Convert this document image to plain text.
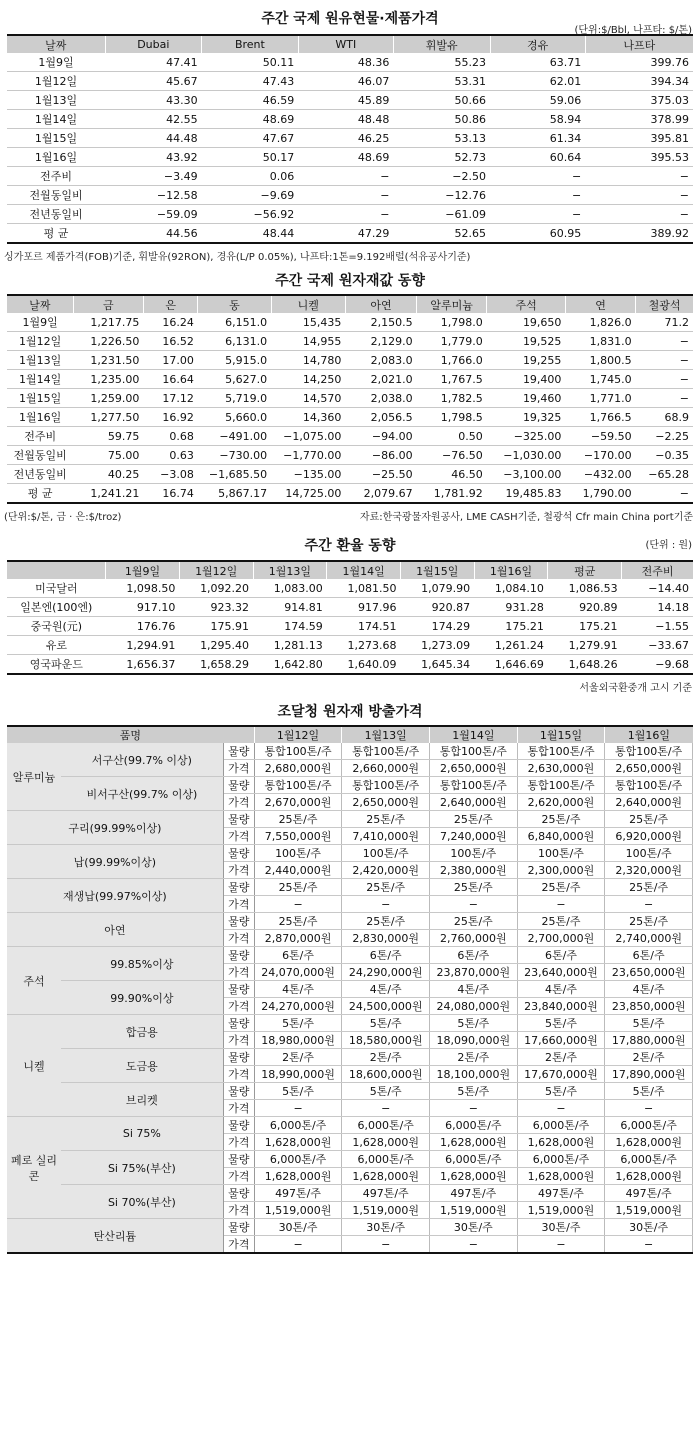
주간 국제 원유현물·제품가격
(단위:$/Bbl, 나프타: $/톤)
날짜	Dubai	Brent	WTI	휘발유	경유	나프타
1월9일	47.41	50.11	48.36	55.23	63.71	399.76
1월12일	45.67	47.43	46.07	53.31	62.01	394.34
1월13일	43.30	46.59	45.89	50.66	59.06	375.03
1월14일	42.55	48.69	48.48	50.86	58.94	378.99
1월15일	44.48	47.67	46.25	53.13	61.34	395.81
1월16일	43.92	50.17	48.69	52.73	60.64	395.53
전주비	−3.49	0.06	−	−2.50	−	−
전월동일비	−12.58	−9.69	−	−12.76	−	−
전년동일비	−59.09	−56.92	−	−61.09	−	−
평 균	44.56	48.44	47.29	52.65	60.95	389.92
싱가포르 제품가격(FOB)기준, 휘발유(92RON), 경유(L/P 0.05%), 나프타:1톤=9.192배럴(석유공사기준)
주간 국제 원자재값 동향
날짜	금	은	동	니켈	아연	알루미늄	주석	연	철광석
1월9일	1,217.75	16.24	6,151.0	15,435	2,150.5	1,798.0	19,650	1,826.0	71.2
1월12일	1,226.50	16.52	6,131.0	14,955	2,129.0	1,779.0	19,525	1,831.0	−
1월13일	1,231.50	17.00	5,915.0	14,780	2,083.0	1,766.0	19,255	1,800.5	−
1월14일	1,235.00	16.64	5,627.0	14,250	2,021.0	1,767.5	19,400	1,745.0	−
1월15일	1,259.00	17.12	5,719.0	14,570	2,038.0	1,782.5	19,460	1,771.0	−
1월16일	1,277.50	16.92	5,660.0	14,360	2,056.5	1,798.5	19,325	1,766.5	68.9
전주비	59.75	0.68	−491.00	−1,075.00	−94.00	0.50	−325.00	−59.50	−2.25
전월동일비	75.00	0.63	−730.00	−1,770.00	−86.00	−76.50	−1,030.00	−170.00	−0.35
전년동일비	40.25	−3.08	−1,685.50	−135.00	−25.50	46.50	−3,100.00	−432.00	−65.28
평 균	1,241.21	16.74	5,867.17	14,725.00	2,079.67	1,781.92	19,485.83	1,790.00	−
(단위:$/톤, 금 · 은:$/troz)	자료:한국광물자원공사, LME CASH기준, 철광석 Cfr main China port기준
주간 환율 동향	(단위 : 원)
	1월9일	1월12일	1월13일	1월14일	1월15일	1월16일	평균	전주비
미국달러	1,098.50	1,092.20	1,083.00	1,081.50	1,079.90	1,084.10	1,086.53	−14.40
일본엔(100엔)	917.10	923.32	914.81	917.96	920.87	931.28	920.89	14.18
중국원(元)	176.76	175.91	174.59	174.51	174.29	175.21	175.21	−1.55
유로	1,294.91	1,295.40	1,281.13	1,273.68	1,273.09	1,261.24	1,279.91	−33.67
영국파운드	1,656.37	1,658.29	1,642.80	1,640.09	1,645.34	1,646.69	1,648.26	−9.68
서울외국환중개 고시 기준
조달청 원자재 방출가격
품명			1월12일	1월13일	1월14일	1월15일	1월16일
알루미늄	서구산(99.7% 이상)	물량	통합100톤/주	통합100톤/주	통합100톤/주	통합100톤/주	통합100톤/주
		가격	2,680,000원	2,660,000원	2,650,000원	2,630,000원	2,650,000원
	비서구산(99.7% 이상)	물량	통합100톤/주	통합100톤/주	통합100톤/주	통합100톤/주	통합100톤/주
		가격	2,670,000원	2,650,000원	2,640,000원	2,620,000원	2,640,000원
구리(99.99%이상)		물량	25톤/주	25톤/주	25톤/주	25톤/주	25톤/주
		가격	7,550,000원	7,410,000원	7,240,000원	6,840,000원	6,920,000원
납(99.99%이상)		물량	100톤/주	100톤/주	100톤/주	100톤/주	100톤/주
		가격	2,440,000원	2,420,000원	2,380,000원	2,300,000원	2,320,000원
재생납(99.97%이상)		물량	25톤/주	25톤/주	25톤/주	25톤/주	25톤/주
		가격	−	−	−	−	−
아연		물량	25톤/주	25톤/주	25톤/주	25톤/주	25톤/주
		가격	2,870,000원	2,830,000원	2,760,000원	2,700,000원	2,740,000원
주석	99.85%이상	물량	6톤/주	6톤/주	6톤/주	6톤/주	6톤/주
		가격	24,070,000원	24,290,000원	23,870,000원	23,640,000원	23,650,000원
	99.90%이상	물량	4톤/주	4톤/주	4톤/주	4톤/주	4톤/주
		가격	24,270,000원	24,500,000원	24,080,000원	23,840,000원	23,850,000원
니켈	합금용	물량	5톤/주	5톤/주	5톤/주	5톤/주	5톤/주
		가격	18,980,000원	18,580,000원	18,090,000원	17,660,000원	17,880,000원
	도금용	물량	2톤/주	2톤/주	2톤/주	2톤/주	2톤/주
		가격	18,990,000원	18,600,000원	18,100,000원	17,670,000원	17,890,000원
	브리켓	물량	5톤/주	5톤/주	5톤/주	5톤/주	5톤/주
		가격	−	−	−	−	−
페로 실리콘	Si 75%	물량	6,000톤/주	6,000톤/주	6,000톤/주	6,000톤/주	6,000톤/주
		가격	1,628,000원	1,628,000원	1,628,000원	1,628,000원	1,628,000원
	Si 75%(부산)	물량	6,000톤/주	6,000톤/주	6,000톤/주	6,000톤/주	6,000톤/주
		가격	1,628,000원	1,628,000원	1,628,000원	1,628,000원	1,628,000원
	Si 70%(부산)	물량	497톤/주	497톤/주	497톤/주	497톤/주	497톤/주
		가격	1,519,000원	1,519,000원	1,519,000원	1,519,000원	1,519,000원
탄산리튬		물량	30톤/주	30톤/주	30톤/주	30톤/주	30톤/주
		가격	−	−	−	−	−
